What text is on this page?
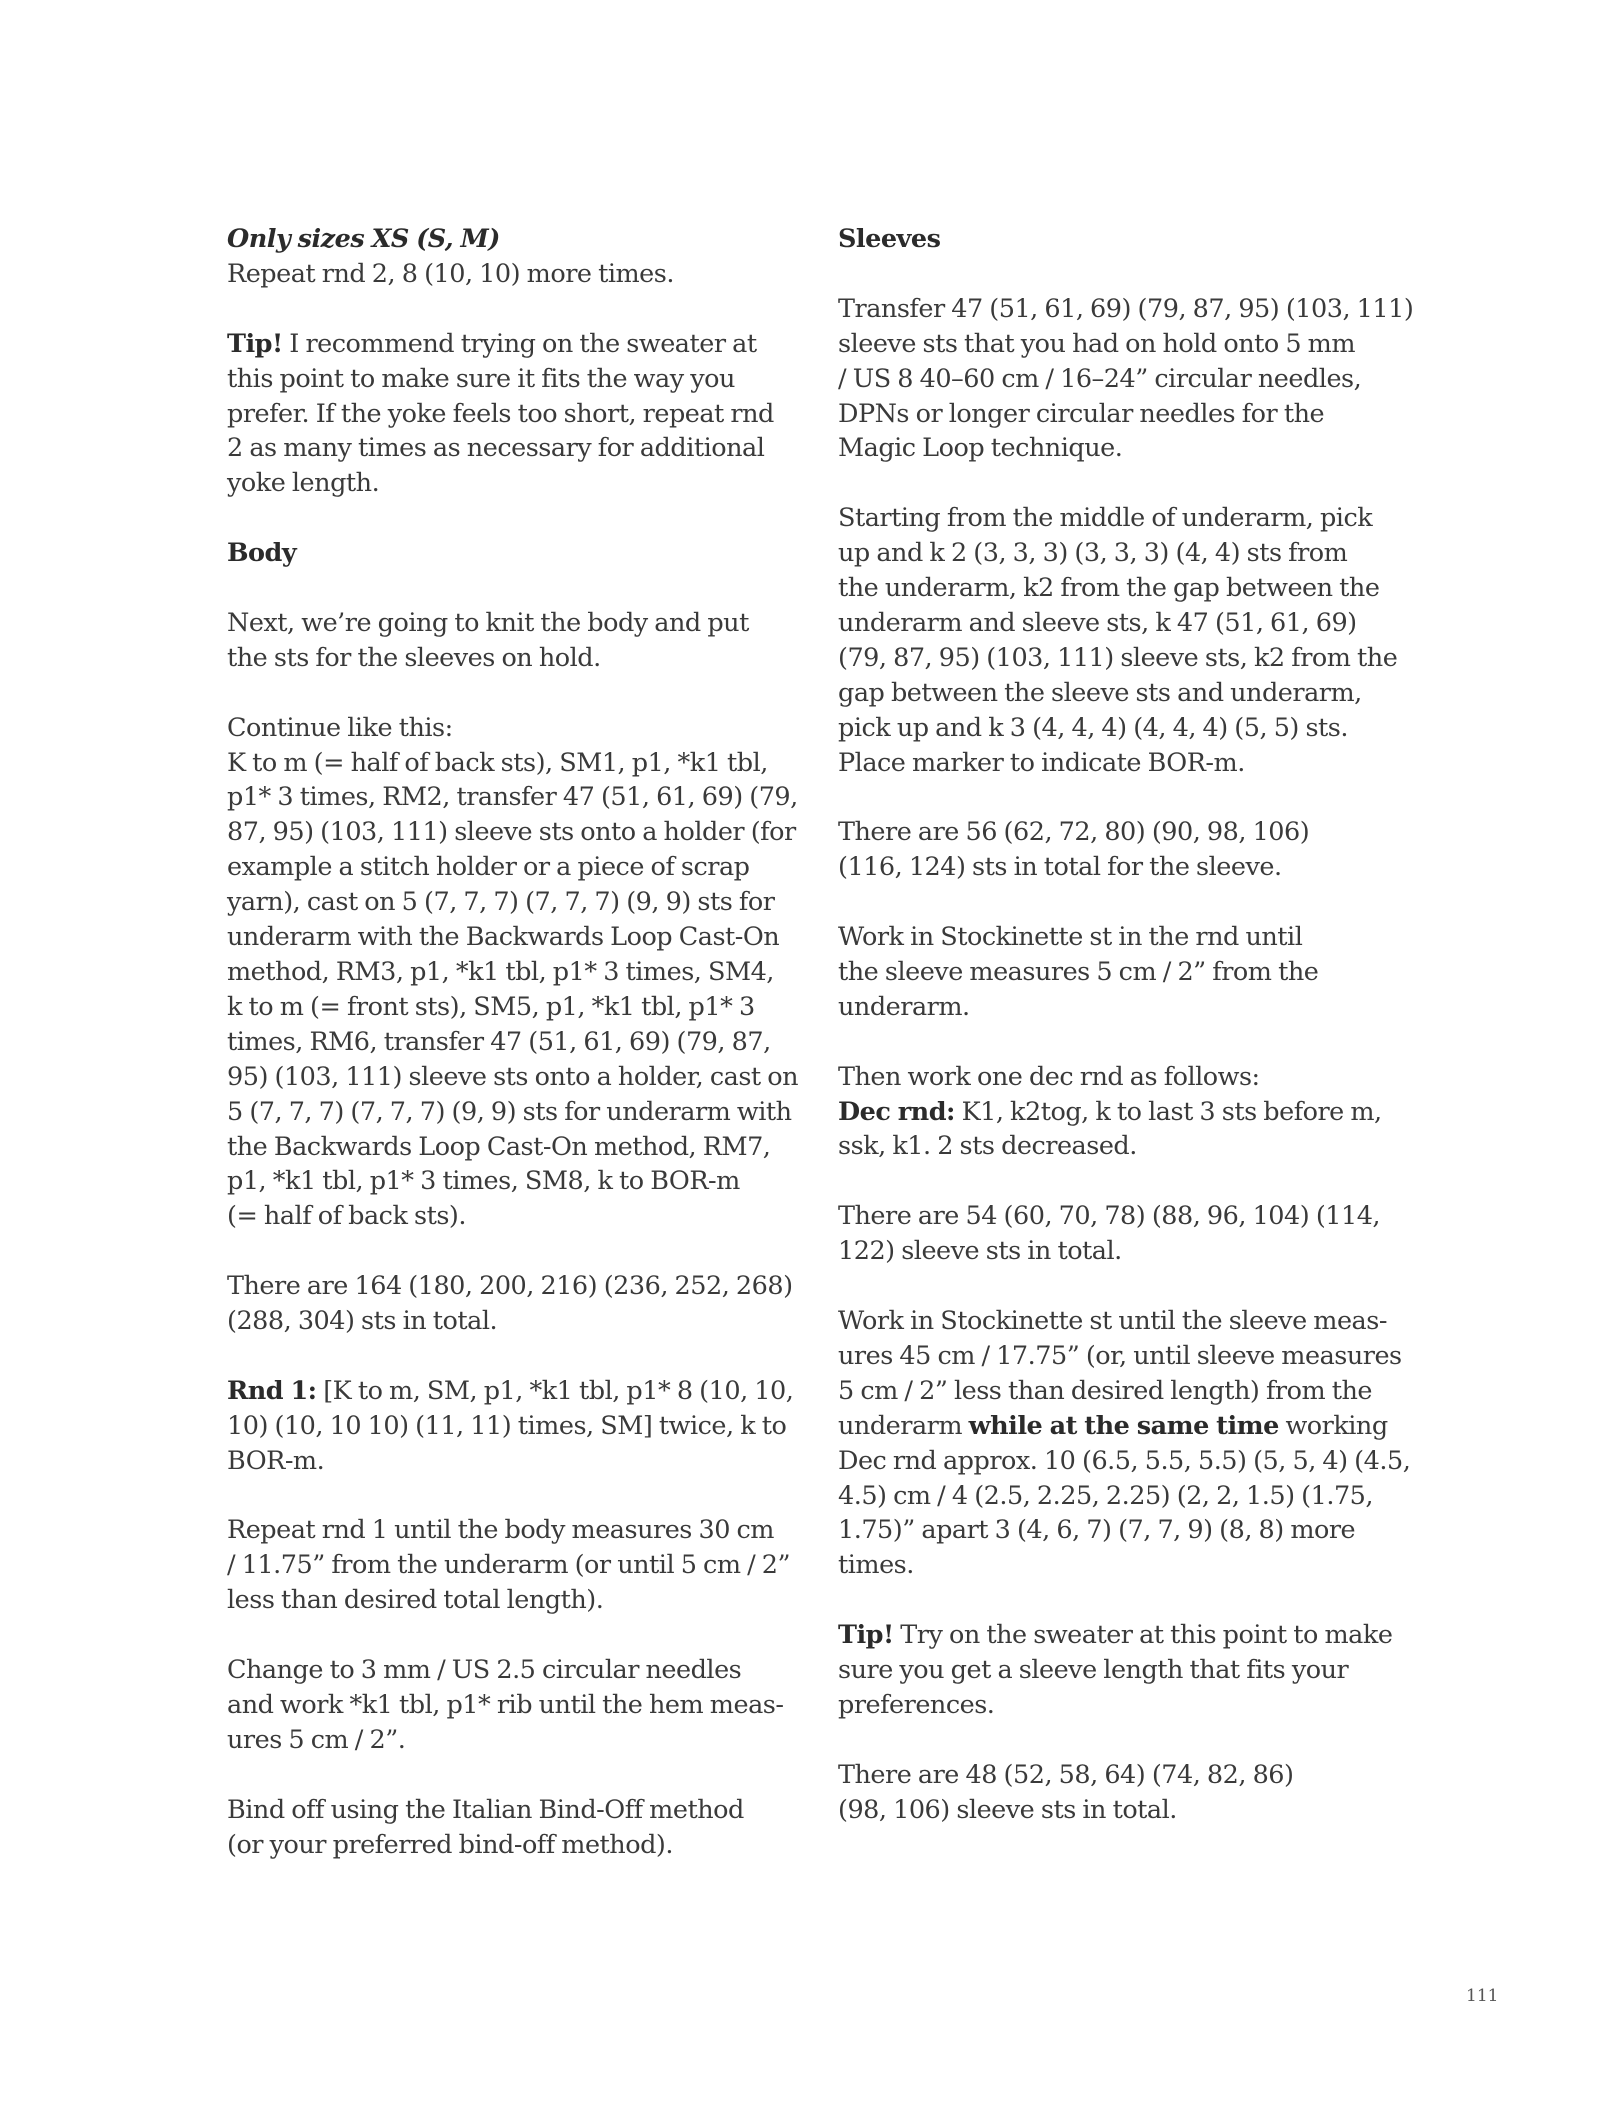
Only sizes XS (S, M)
Repeat rnd 2, 8 (10, 10) more times.
Tip! I recommend trying on the sweater at
this point to make sure it fits the way you
prefer. If the yoke feels too short, repeat rnd
2 as many times as necessary for additional
yoke length.
Body
Next, we’re going to knit the body and put
the sts for the sleeves on hold.
Continue like this:
K to m (= half of back sts), SM1, p1, *k1 tbl,
p1* 3 times, RM2, transfer 47 (51, 61, 69) (79,
87, 95) (103, 111) sleeve sts onto a holder (for
example a stitch holder or a piece of scrap
yarn), cast on 5 (7, 7, 7) (7, 7, 7) (9, 9) sts for
underarm with the Backwards Loop Cast-On
method, RM3, p1, *k1 tbl, p1* 3 times, SM4,
k to m (= front sts), SM5, p1, *k1 tbl, p1* 3
times, RM6, transfer 47 (51, 61, 69) (79, 87,
95) (103, 111) sleeve sts onto a holder, cast on
5 (7, 7, 7) (7, 7, 7) (9, 9) sts for underarm with
the Backwards Loop Cast-On method, RM7,
p1, *k1 tbl, p1* 3 times, SM8, k to BOR-m
(= half of back sts).
There are 164 (180, 200, 216) (236, 252, 268)
(288, 304) sts in total.
Rnd 1: [K to m, SM, p1, *k1 tbl, p1* 8 (10, 10,
10) (10, 10 10) (11, 11) times, SM] twice, k to
BOR-m.
Repeat rnd 1 until the body measures 30 cm
/ 11.75” from the underarm (or until 5 cm / 2”
less than desired total length).
Change to 3 mm / US 2.5 circular needles
and work *k1 tbl, p1* rib until the hem meas-
ures 5 cm / 2”.
Bind off using the Italian Bind-Off method
(or your preferred bind-off method).
Sleeves
Transfer 47 (51, 61, 69) (79, 87, 95) (103, 111)
sleeve sts that you had on hold onto 5 mm
/ US 8 40–60 cm / 16–24” circular needles,
DPNs or longer circular needles for the
Magic Loop technique.
Starting from the middle of underarm, pick
up and k 2 (3, 3, 3) (3, 3, 3) (4, 4) sts from
the underarm, k2 from the gap between the
underarm and sleeve sts, k 47 (51, 61, 69)
(79, 87, 95) (103, 111) sleeve sts, k2 from the
gap between the sleeve sts and underarm,
pick up and k 3 (4, 4, 4) (4, 4, 4) (5, 5) sts.
Place marker to indicate BOR-m.
There are 56 (62, 72, 80) (90, 98, 106)
(116, 124) sts in total for the sleeve.
Work in Stockinette st in the rnd until
the sleeve measures 5 cm / 2” from the
underarm.
Then work one dec rnd as follows:
Dec rnd: K1, k2tog, k to last 3 sts before m,
ssk, k1. 2 sts decreased.
There are 54 (60, 70, 78) (88, 96, 104) (114,
122) sleeve sts in total.
Work in Stockinette st until the sleeve meas-
ures 45 cm / 17.75” (or, until sleeve measures
5 cm / 2” less than desired length) from the
underarm while at the same time working
Dec rnd approx. 10 (6.5, 5.5, 5.5) (5, 5, 4) (4.5,
4.5) cm / 4 (2.5, 2.25, 2.25) (2, 2, 1.5) (1.75,
1.75)” apart 3 (4, 6, 7) (7, 7, 9) (8, 8) more
times.
Tip! Try on the sweater at this point to make
sure you get a sleeve length that fits your
preferences.
There are 48 (52, 58, 64) (74, 82, 86)
(98, 106) sleeve sts in total.
111
